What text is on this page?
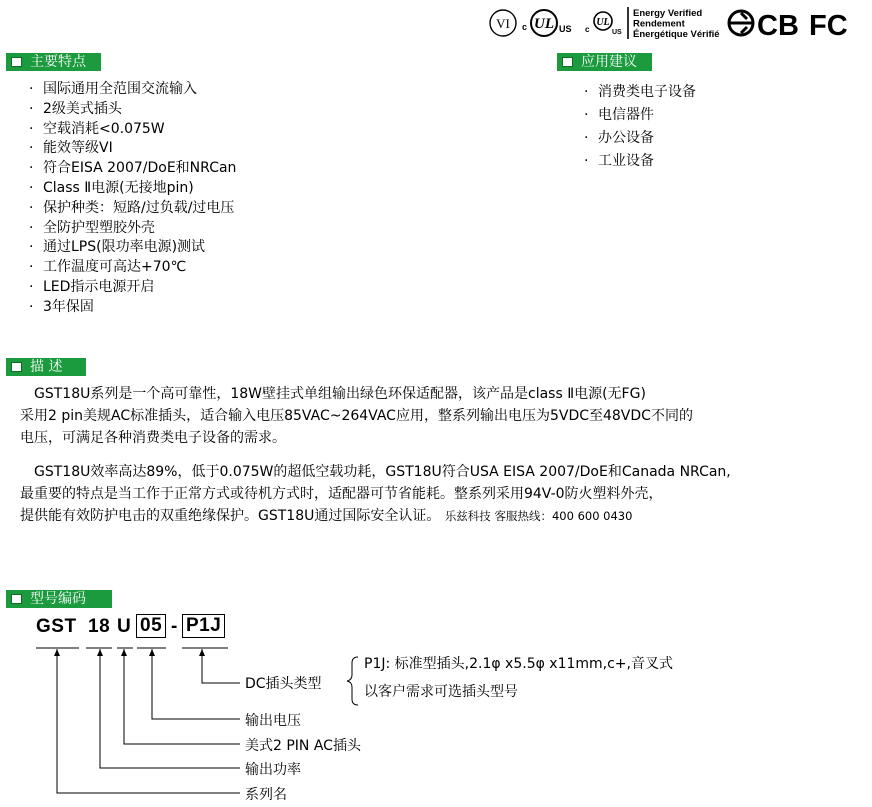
VI c UL US c
UL
US
Energy Verified
Rendement
Énergétique Vérifié CB FC
主要特点
· 国际通用全范围交流输入
· 2级美式插头
· 空载消耗<0.075W
· 能效等级VI
· 符合EISA 2007/DoE和NRCan
· Class Ⅱ电源(无接地pin)
· 保护种类：短路/过负载/过电压
· 全防护型塑胶外壳
· 通过LPS(限功率电源)测试
· 工作温度可高达+70℃
· LED指示电源开启
· 3年保固
应用建议
· 消费类电子设备
· 电信器件
· 办公设备
· 工业设备
描 述
　GST18U系列是一个高可靠性，18W壁挂式单组输出绿色环保适配器，该产品是class Ⅱ电源(无FG)
采用2 pin美规AC标准插头，适合输入电压85VAC~264VAC应用，整系列输出电压为5VDC至48VDC不同的
电压，可满足各种消费类电子设备的需求。
　GST18U效率高达89%，低于0.075W的超低空载功耗，GST18U符合USA EISA 2007/DoE和Canada NRCan,
最重要的特点是当工作于正常方式或待机方式时，适配器可节省能耗。整系列采用94V-0防火塑料外壳，
提供能有效防护电击的双重绝缘保护。GST18U通过国际安全认证。 乐兹科技 客服热线：400 600 0430
型号编码
GST 18 U 05 - P1J
DC插头类型
P1J: 标准型插头,2.1φ x5.5φ x11mm,c+,音叉式
以客户需求可选插头型号
输出电压
美式2 PIN AC插头
输出功率
系列名
